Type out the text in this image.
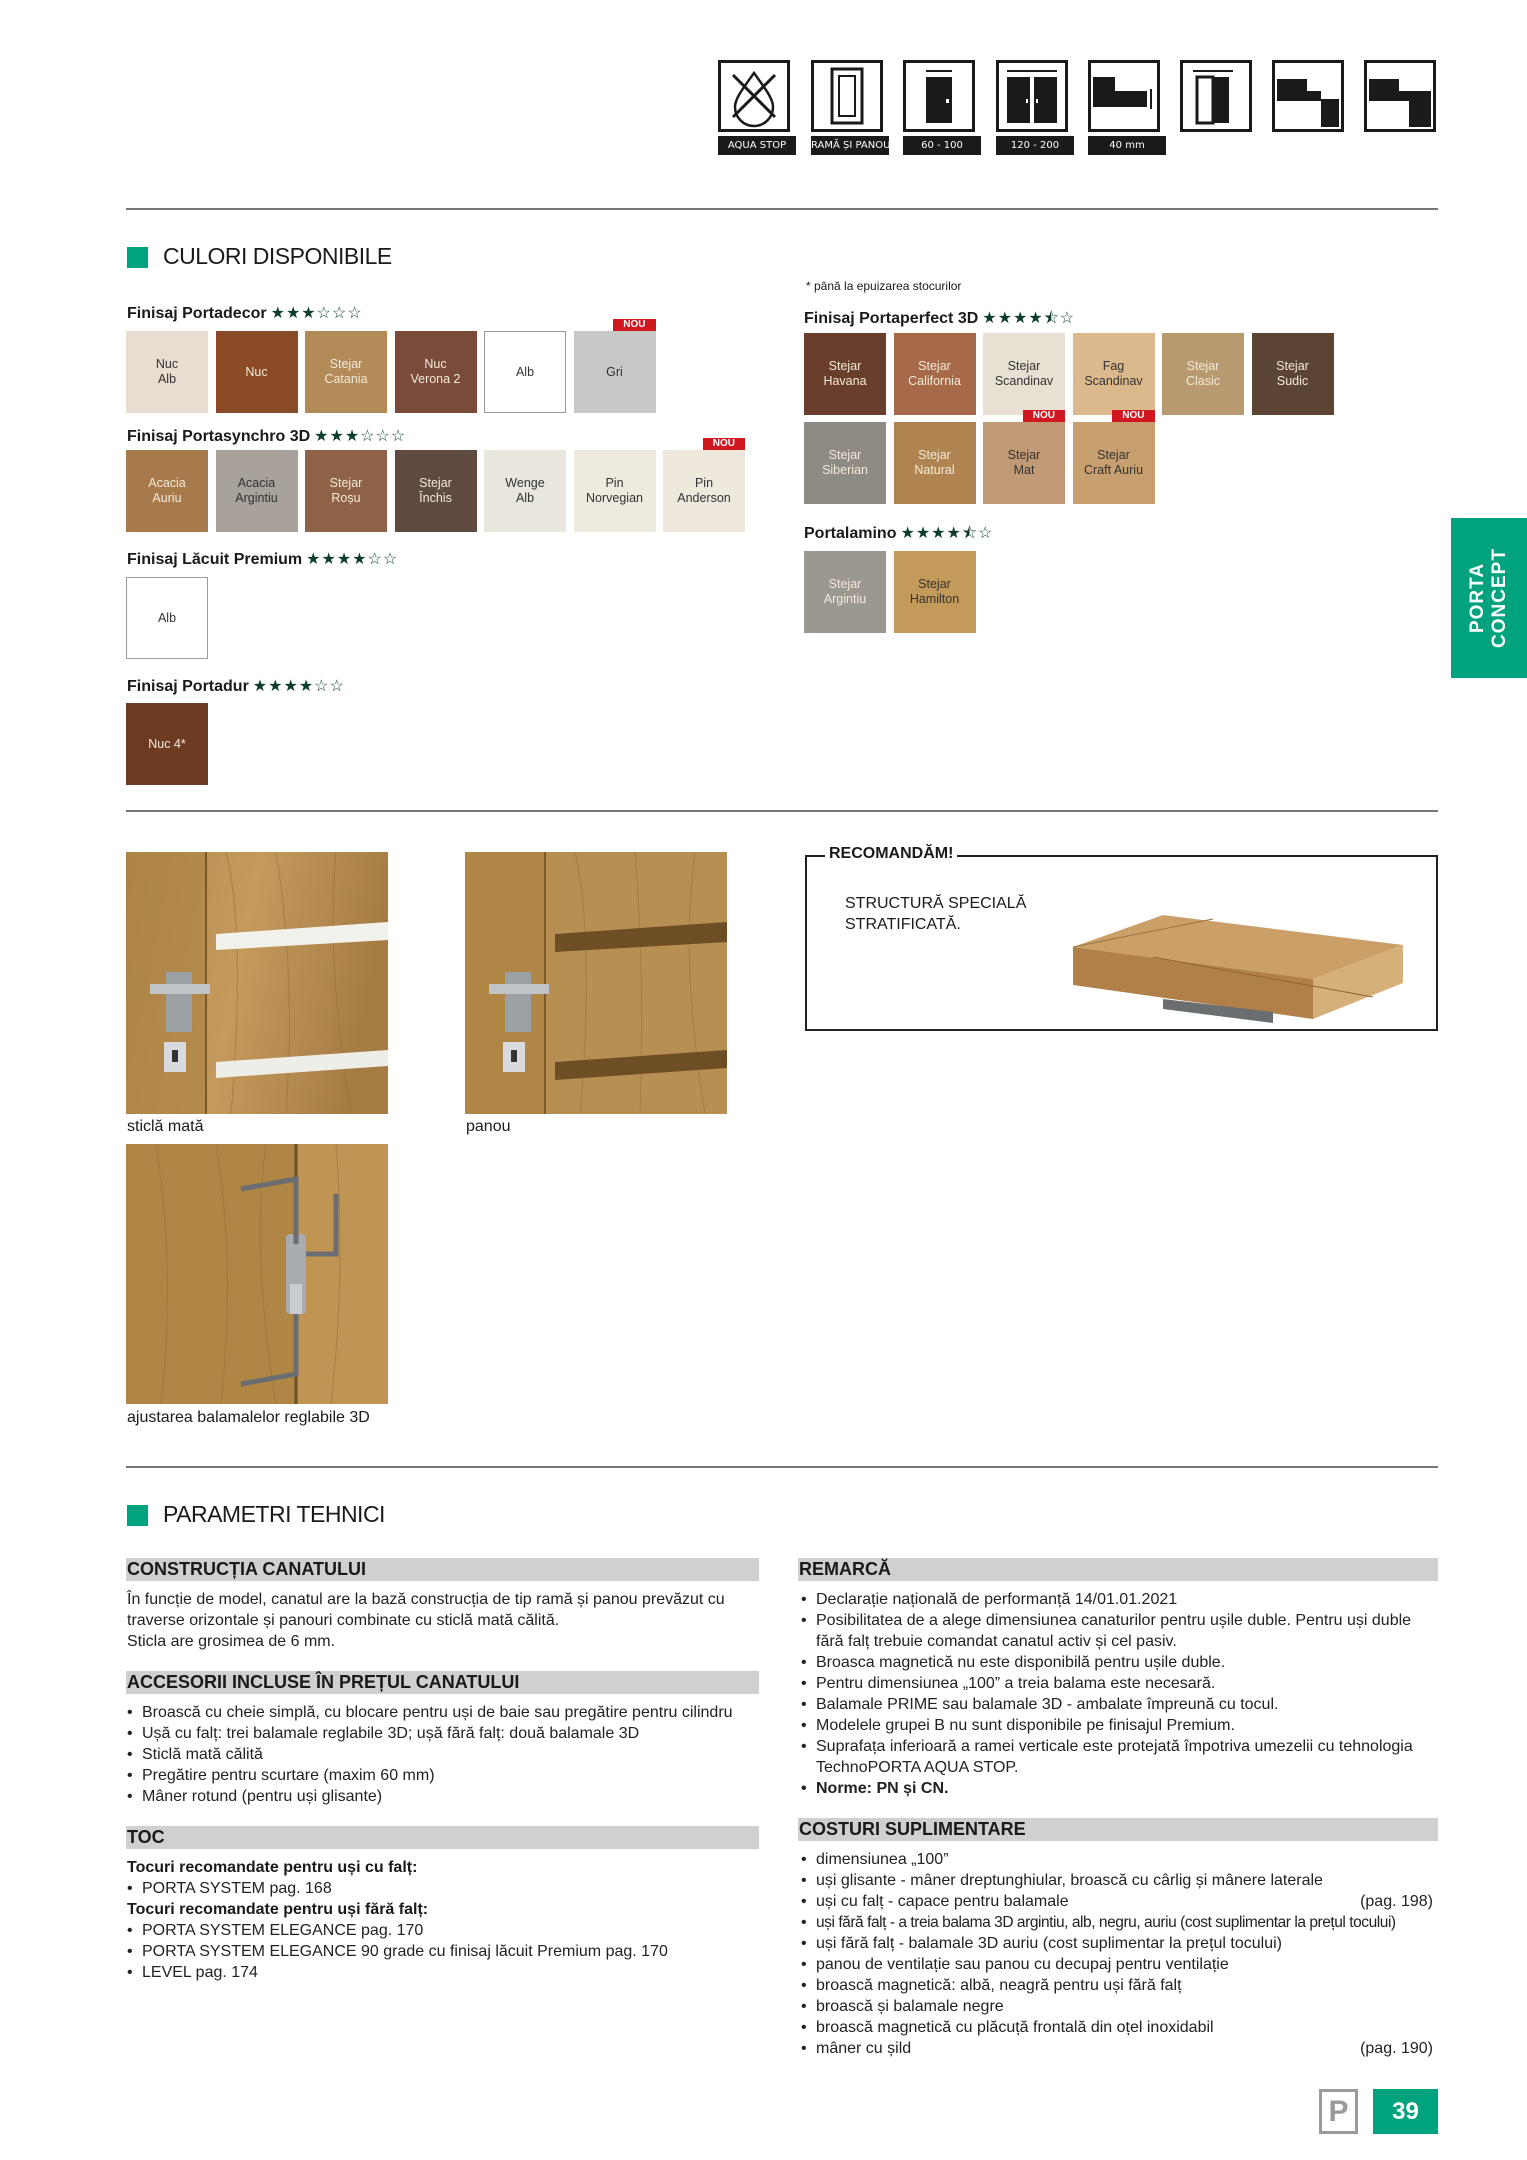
AQUA STOP	RAMĂ ȘI PANOU	60 - 100	120 - 200	40 mm
CULORI DISPONIBILE
* până la epuizarea stocurilor
Finisaj Portadecor ★★★☆☆☆
Nuc
Alb
Nuc
Stejar
Catania
Nuc
Verona 2
Alb	Gri
NOU
Finisaj Portasynchro 3D ★★★☆☆☆
Acacia
Auriu
Acacia
Argintiu
Stejar
Roșu
Stejar
Închis
Wenge
Alb
Pin
Norvegian
Pin
Anderson
NOU
Finisaj Lăcuit Premium ★★★★☆☆
Alb
Finisaj Portadur ★★★★☆☆
Nuc 4*
Finisaj Portaperfect 3D ★★★★⯪☆
Stejar
Havana
Stejar
California
Stejar
Scandinav
Fag
Scandinav
Stejar
Clasic
Stejar
Sudic
Stejar
Siberian
Stejar
Natural
Stejar
Mat
NOU
Stejar
Craft Auriu
NOU
Portalamino ★★★★⯪☆
Stejar
Argintiu
Stejar
Hamilton	PORTA CONCEPT
sticlă mată	panou
ajustarea balamalelor reglabile 3D
RECOMANDĂM!
STRUCTURĂ SPECIALĂ
STRATIFICATĂ.
PARAMETRI TEHNICI
CONSTRUCȚIA CANATULUI
În funcție de model, canatul are la bază construcția de tip ramă și panou prevăzut cu
traverse orizontale și panouri combinate cu sticlă mată călită.
Sticla are grosimea de 6 mm.
ACCESORII INCLUSE ÎN PREȚUL CANATULUI
• Broască cu cheie simplă, cu blocare pentru uși de baie sau pregătire pentru cilindru
• Ușă cu falț: trei balamale reglabile 3D; ușă fără falț: două balamale 3D
• Sticlă mată călită
• Pregătire pentru scurtare (maxim 60 mm)
• Mâner rotund (pentru uși glisante)
TOC
Tocuri recomandate pentru uși cu falț:
• PORTA SYSTEM pag. 168
Tocuri recomandate pentru uși fără falț:
• PORTA SYSTEM ELEGANCE pag. 170
• PORTA SYSTEM ELEGANCE 90 grade cu finisaj lăcuit Premium pag. 170
• LEVEL pag. 174
REMARCĂ
• Declarație națională de performanță 14/01.01.2021
• Posibilitatea de a alege dimensiunea canaturilor pentru ușile duble. Pentru uși duble
fără falț trebuie comandat canatul activ și cel pasiv.
• Broasca magnetică nu este disponibilă pentru ușile duble.
• Pentru dimensiunea „100” a treia balama este necesară.
• Balamale PRIME sau balamale 3D - ambalate împreună cu tocul.
• Modelele grupei B nu sunt disponibile pe finisajul Premium.
• Suprafața inferioară a ramei verticale este protejată împotriva umezelii cu tehnologia
TechnoPORTA AQUA STOP.
• Norme: PN și CN.
COSTURI SUPLIMENTARE
• dimensiunea „100”
• uși glisante - mâner dreptunghiular, broască cu cârlig și mânere laterale
• uși cu falț - capace pentru balamale	(pag. 198)
• uși fără falț - a treia balama 3D argintiu, alb, negru, auriu (cost suplimentar la prețul tocului)
• uși fără falț - balamale 3D auriu (cost suplimentar la prețul tocului)
• panou de ventilație sau panou cu decupaj pentru ventilație
• broască magnetică: albă, neagră pentru uși fără falț
• broască și balamale negre
• broască magnetică cu plăcuță frontală din oțel inoxidabil
• mâner cu șild	(pag. 190)
P	39
